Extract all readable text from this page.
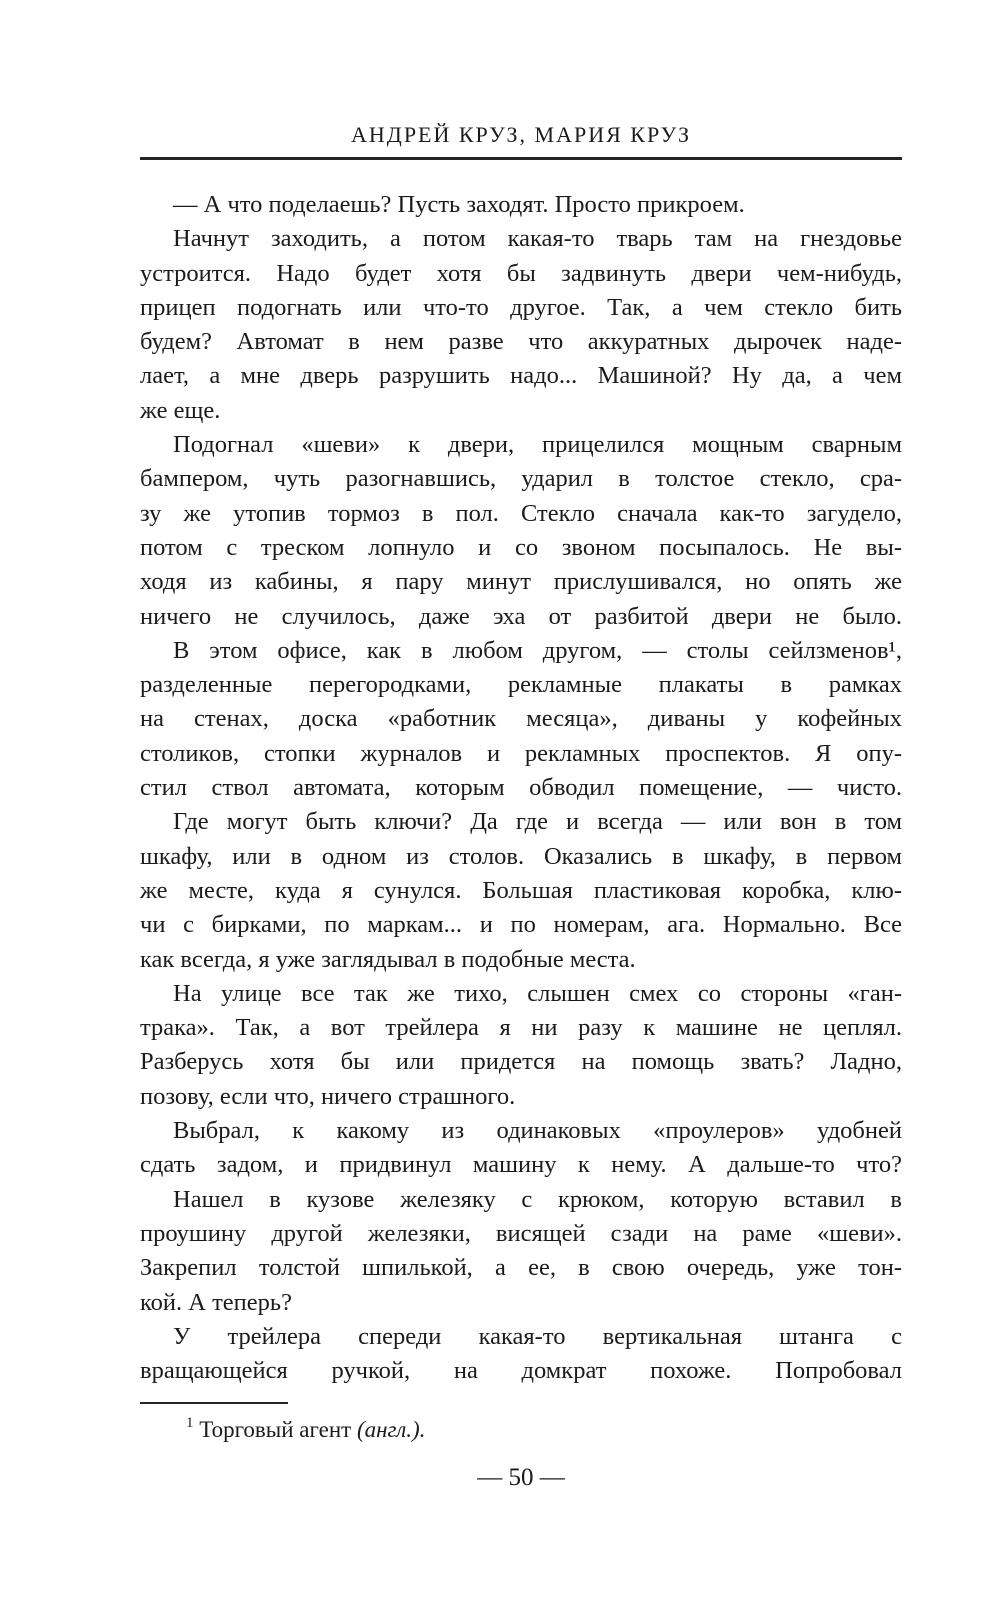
АНДРЕЙ КРУЗ, МАРИЯ КРУЗ
— А что поделаешь? Пусть заходят. Просто прикроем.
Начнут заходить, а потом какая-то тварь там на гнездовье
устроится. Надо будет хотя бы задвинуть двери чем-нибудь,
прицеп подогнать или что-то другое. Так, а чем стекло бить
будем? Автомат в нем разве что аккуратных дырочек наде-
лает, а мне дверь разрушить надо... Машиной? Ну да, а чем
же еще.
Подогнал «шеви» к двери, прицелился мощным сварным
бампером, чуть разогнавшись, ударил в толстое стекло, сра-
зу же утопив тормоз в пол. Стекло сначала как-то загудело,
потом с треском лопнуло и со звоном посыпалось. Не вы-
ходя из кабины, я пару минут прислушивался, но опять же
ничего не случилось, даже эха от разбитой двери не было.
В этом офисе, как в любом другом, — столы сейлзменов¹,
разделенные перегородками, рекламные плакаты в рамках
на стенах, доска «работник месяца», диваны у кофейных
столиков, стопки журналов и рекламных проспектов. Я опу-
стил ствол автомата, которым обводил помещение, — чисто.
Где могут быть ключи? Да где и всегда — или вон в том
шкафу, или в одном из столов. Оказались в шкафу, в первом
же месте, куда я сунулся. Большая пластиковая коробка, клю-
чи с бирками, по маркам... и по номерам, ага. Нормально. Все
как всегда, я уже заглядывал в подобные места.
На улице все так же тихо, слышен смех со стороны «ган-
трака». Так, а вот трейлера я ни разу к машине не цеплял.
Разберусь хотя бы или придется на помощь звать? Ладно,
позову, если что, ничего страшного.
Выбрал, к какому из одинаковых «проулеров» удобней
сдать задом, и придвинул машину к нему. А дальше-то что?
Нашел в кузове железяку с крюком, которую вставил в
проушину другой железяки, висящей сзади на раме «шеви».
Закрепил толстой шпилькой, а ее, в свою очередь, уже тон-
кой. А теперь?
У трейлера спереди какая-то вертикальная штанга с
вращающейся ручкой, на домкрат похоже. Попробовал
$^1$ Торговый агент (англ.).
— 50 —
